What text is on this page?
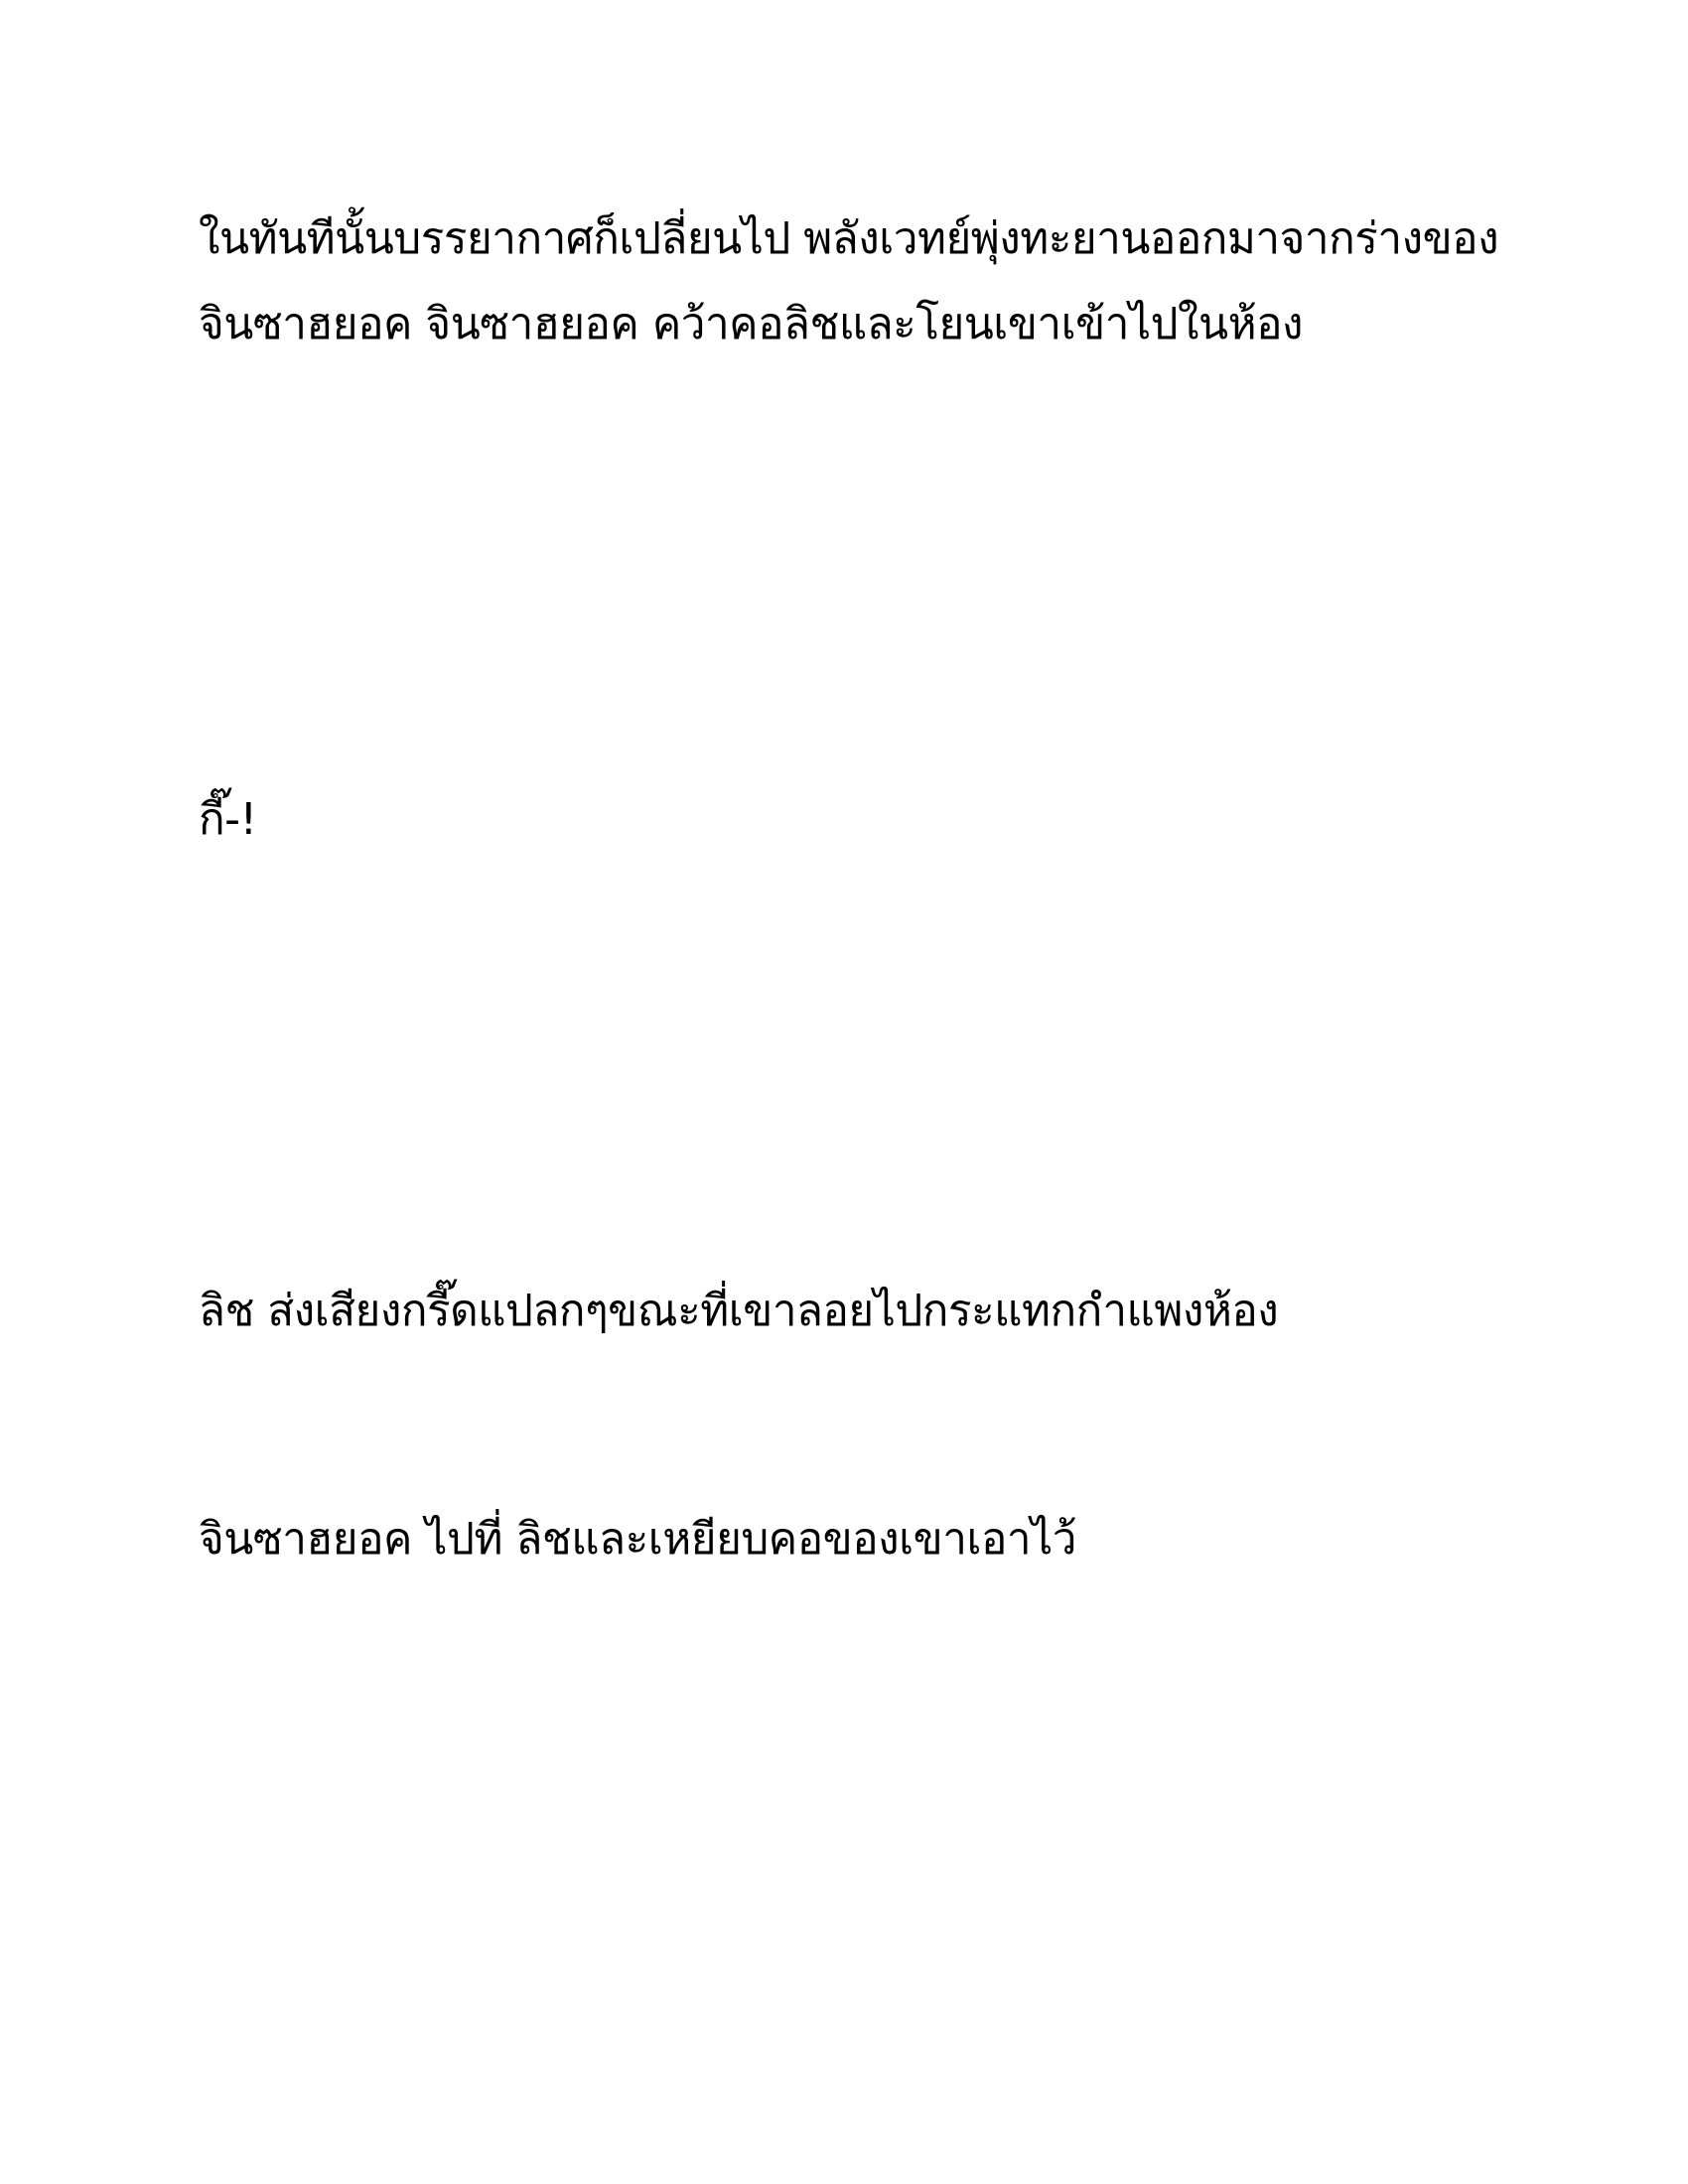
ในทันทีนั้นบรรยากาศก็เปลี่ยนไป พลังเวทย์พุ่งทะยานออกมาจากร่างของ
จินซาฮยอค จินซาฮยอค คว้าคอลิชและโยนเขาเข้าไปในห้อง

กี๊-!

ลิช ส่งเสียงกรี๊ดแปลกๆขณะที่เขาลอยไปกระแทกกำแพงห้อง

จินซาฮยอค ไปที่ ลิชและเหยียบคอของเขาเอาไว้
